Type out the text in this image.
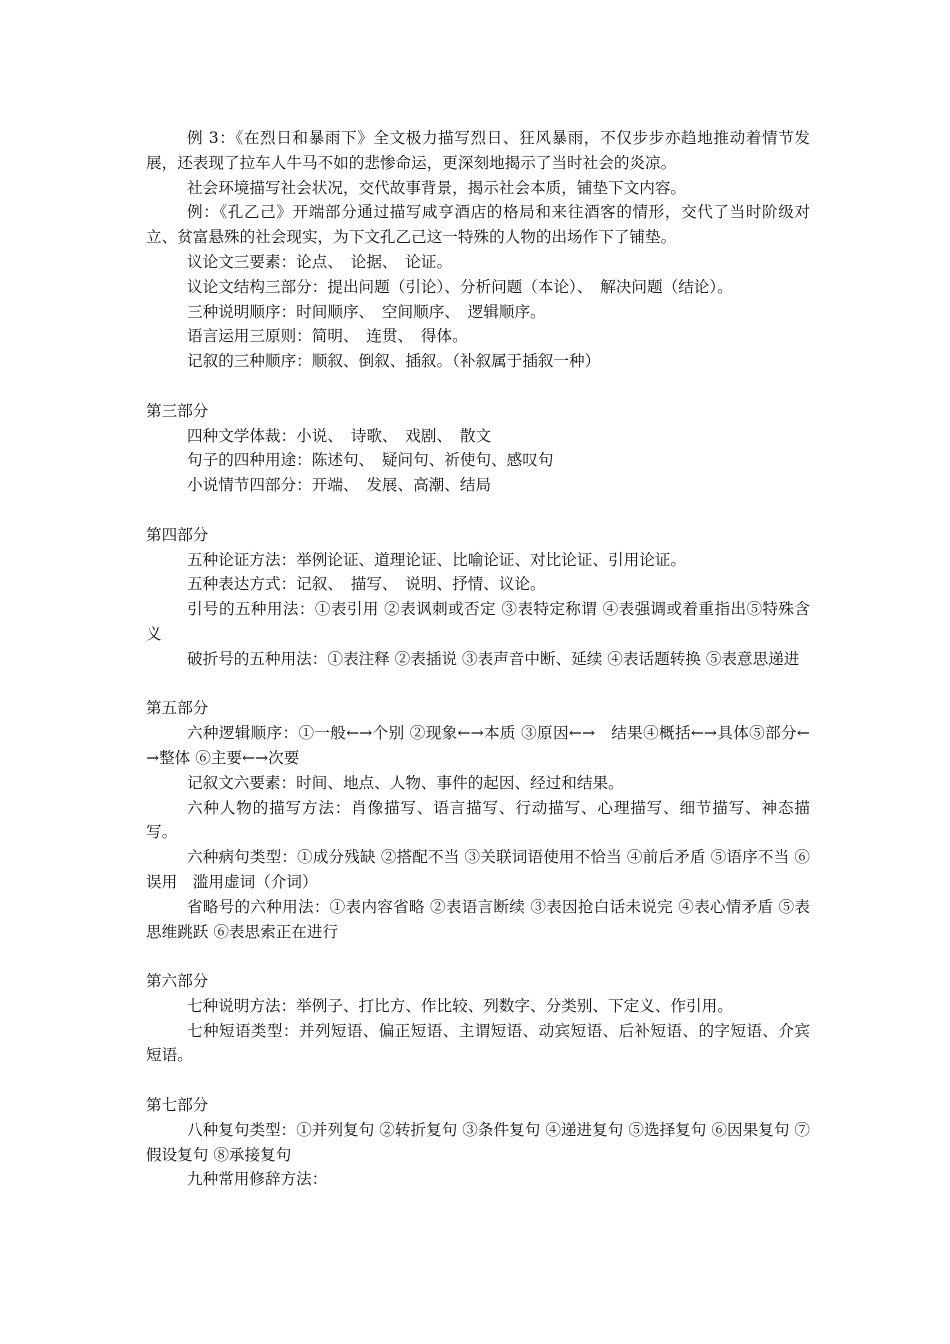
例 3：《在烈日和暴雨下》全文极力描写烈日、狂风暴雨，不仅步步亦趋地推动着情节发展，还表现了拉车人牛马不如的悲惨命运，更深刻地揭示了当时社会的炎凉。

社会环境描写社会状况，交代故事背景，揭示社会本质，铺垫下文内容。

例：《孔乙己》开端部分通过描写咸亨酒店的格局和来往酒客的情形，交代了当时阶级对立、贫富悬殊的社会现实，为下文孔乙己这一特殊的人物的出场作下了铺垫。

议论文三要素：论点、　论据、　论证。

议论文结构三部分：提出问题（引论）、分析问题（本论）、　解决问题（结论）。

三种说明顺序：时间顺序、　空间顺序、　逻辑顺序。

语言运用三原则：简明、　连贯、　得体。

记叙的三种顺序：顺叙、倒叙、插叙。（补叙属于插叙一种）

第三部分

四种文学体裁：小说、　诗歌、　戏剧、　散文

句子的四种用途：陈述句、　疑问句、祈使句、感叹句

小说情节四部分：开端、　发展、高潮、结局

第四部分

五种论证方法：举例论证、道理论证、比喻论证、对比论证、引用论证。

五种表达方式：记叙、　描写、　说明、抒情、议论。

引号的五种用法：①表引用 ②表讽刺或否定 ③表特定称谓 ④表强调或着重指出⑤特殊含义

破折号的五种用法：①表注释 ②表插说 ③表声音中断、延续 ④表话题转换 ⑤表意思递进

第五部分

六种逻辑顺序：①一般←→个别 ②现象←→本质 ③原因←→　结果④概括←→具体⑤部分←→整体 ⑥主要←→次要

记叙文六要素：时间、地点、人物、事件的起因、经过和结果。

六种人物的描写方法：肖像描写、语言描写、行动描写、心理描写、细节描写、神态描写。

六种病句类型：①成分残缺 ②搭配不当 ③关联词语使用不恰当 ④前后矛盾 ⑤语序不当 ⑥误用　滥用虚词（介词）

省略号的六种用法：①表内容省略 ②表语言断续 ③表因抢白话未说完 ④表心情矛盾 ⑤表思维跳跃 ⑥表思索正在进行

第六部分

七种说明方法：举例子、打比方、作比较、列数字、分类别、下定义、作引用。

七种短语类型：并列短语、偏正短语、主谓短语、动宾短语、后补短语、的字短语、介宾短语。

第七部分

八种复句类型：①并列复句 ②转折复句 ③条件复句 ④递进复句 ⑤选择复句 ⑥因果复句 ⑦假设复句 ⑧承接复句

九种常用修辞方法：
